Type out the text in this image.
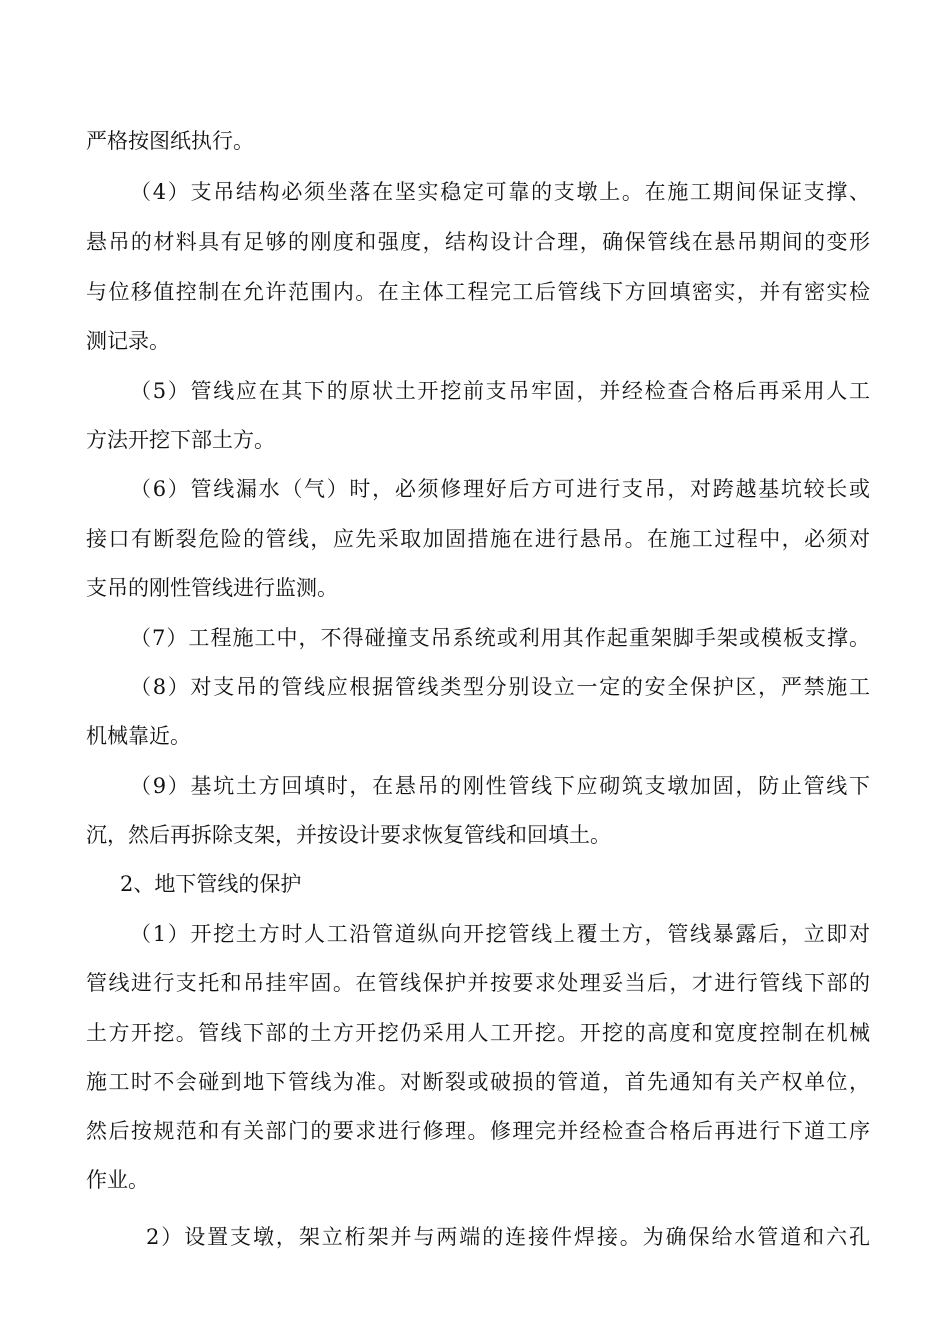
严格按图纸执行。
（4）支吊结构必须坐落在坚实稳定可靠的支墩上。在施工期间保证支撑、
悬吊的材料具有足够的刚度和强度，结构设计合理，确保管线在悬吊期间的变形
与位移值控制在允许范围内。在主体工程完工后管线下方回填密实，并有密实检
测记录。
（5）管线应在其下的原状土开挖前支吊牢固，并经检查合格后再采用人工
方法开挖下部土方。
（6）管线漏水（气）时，必须修理好后方可进行支吊，对跨越基坑较长或
接口有断裂危险的管线，应先采取加固措施在进行悬吊。在施工过程中，必须对
支吊的刚性管线进行监测。
（7）工程施工中，不得碰撞支吊系统或利用其作起重架脚手架或模板支撑。
（8）对支吊的管线应根据管线类型分别设立一定的安全保护区，严禁施工
机械靠近。
（9）基坑土方回填时，在悬吊的刚性管线下应砌筑支墩加固，防止管线下
沉，然后再拆除支架，并按设计要求恢复管线和回填土。
2、地下管线的保护
（1）开挖土方时人工沿管道纵向开挖管线上覆土方，管线暴露后，立即对
管线进行支托和吊挂牢固。在管线保护并按要求处理妥当后，才进行管线下部的
土方开挖。管线下部的土方开挖仍采用人工开挖。开挖的高度和宽度控制在机械
施工时不会碰到地下管线为准。对断裂或破损的管道，首先通知有关产权单位，
然后按规范和有关部门的要求进行修理。修理完并经检查合格后再进行下道工序
作业。
2）设置支墩，架立桁架并与两端的连接件焊接。为确保给水管道和六孔
